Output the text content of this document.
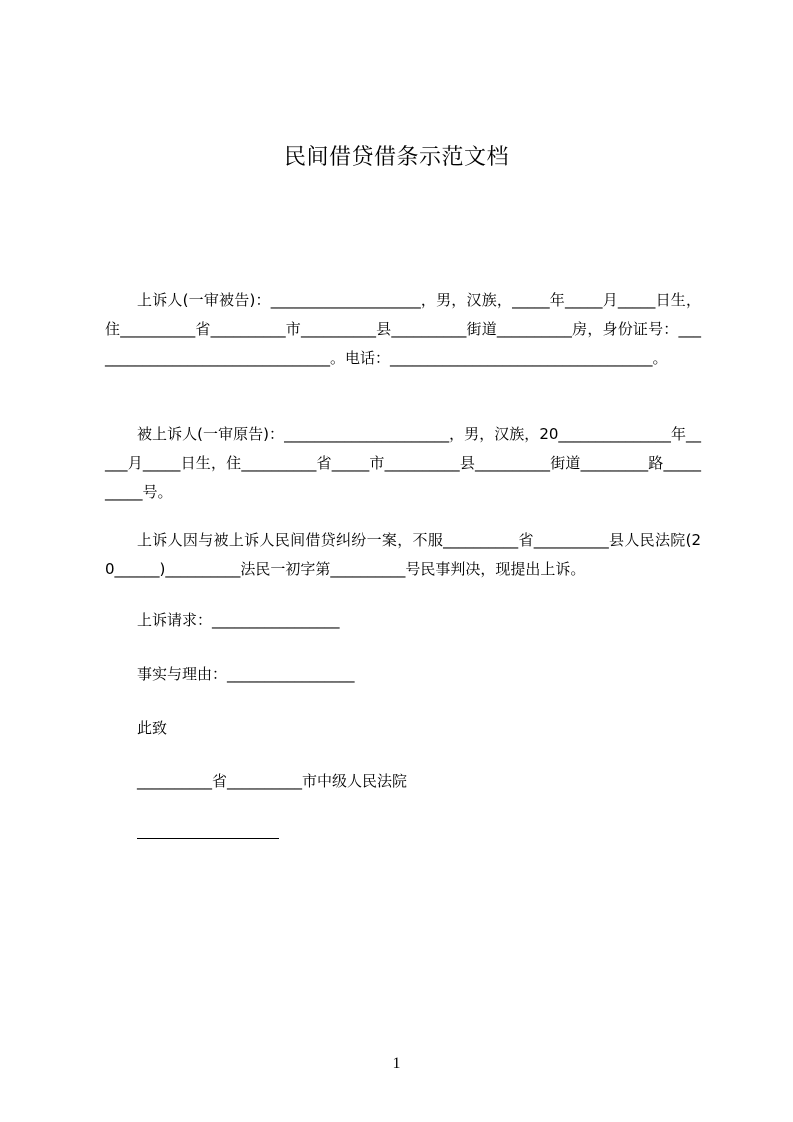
民间借贷借条示范文档
上诉人(一审被告)：____________________，男，汉族，_____年_____月_____日生，住__________省__________市__________县__________街道__________房，身份证号：_________________________________。电话：___________________________________。
被上诉人(一审原告)：______________________，男，汉族，20_______________年_____月_____日生，住__________省_____市__________县__________街道_________路__________号。
上诉人因与被上诉人民间借贷纠纷一案，不服__________省__________县人民法院(20______)__________法民一初字第__________号民事判决，现提出上诉。
上诉请求：_________________
事实与理由：_________________
此致
__________省__________市中级人民法院
1
